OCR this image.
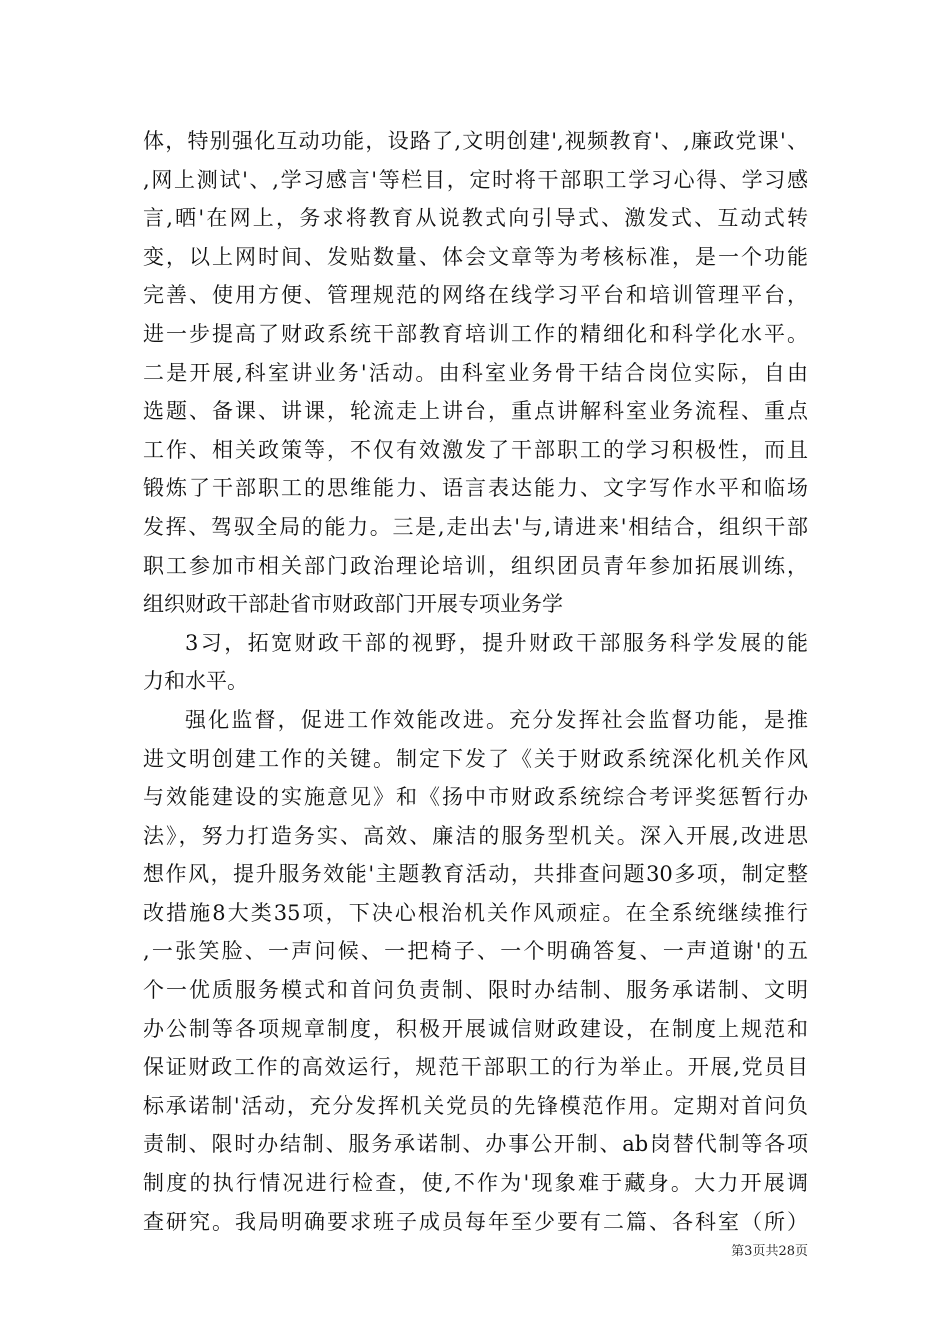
体，特别强化互动功能，设路了,文明创建',视频教育'、,廉政党课'、
,网上测试'、,学习感言'等栏目，定时将干部职工学习心得、学习感
言,晒'在网上，务求将教育从说教式向引导式、激发式、互动式转
变，以上网时间、发贴数量、体会文章等为考核标准，是一个功能
完善、使用方便、管理规范的网络在线学习平台和培训管理平台，
进一步提高了财政系统干部教育培训工作的精细化和科学化水平。
二是开展,科室讲业务'活动。由科室业务骨干结合岗位实际，自由
选题、备课、讲课，轮流走上讲台，重点讲解科室业务流程、重点
工作、相关政策等，不仅有效激发了干部职工的学习积极性，而且
锻炼了干部职工的思维能力、语言表达能力、文字写作水平和临场
发挥、驾驭全局的能力。三是,走出去'与,请进来'相结合，组织干部
职工参加市相关部门政治理论培训，组织团员青年参加拓展训练，
组织财政干部赴省市财政部门开展专项业务学
3习，拓宽财政干部的视野，提升财政干部服务科学发展的能
力和水平。
强化监督，促进工作效能改进。充分发挥社会监督功能，是推
进文明创建工作的关键。制定下发了《关于财政系统深化机关作风
与效能建设的实施意见》和《扬中市财政系统综合考评奖惩暂行办
法》，努力打造务实、高效、廉洁的服务型机关。深入开展,改进思
想作风，提升服务效能'主题教育活动，共排查问题30多项，制定整
改措施8大类35项，下决心根治机关作风顽症。在全系统继续推行
,一张笑脸、一声问候、一把椅子、一个明确答复、一声道谢'的五
个一优质服务模式和首问负责制、限时办结制、服务承诺制、文明
办公制等各项规章制度，积极开展诚信财政建设，在制度上规范和
保证财政工作的高效运行，规范干部职工的行为举止。开展,党员目
标承诺制'活动，充分发挥机关党员的先锋模范作用。定期对首问负
责制、限时办结制、服务承诺制、办事公开制、ab岗替代制等各项
制度的执行情况进行检查，使,不作为'现象难于藏身。大力开展调
查研究。我局明确要求班子成员每年至少要有二篇、各科室（所）
第3页共28页
